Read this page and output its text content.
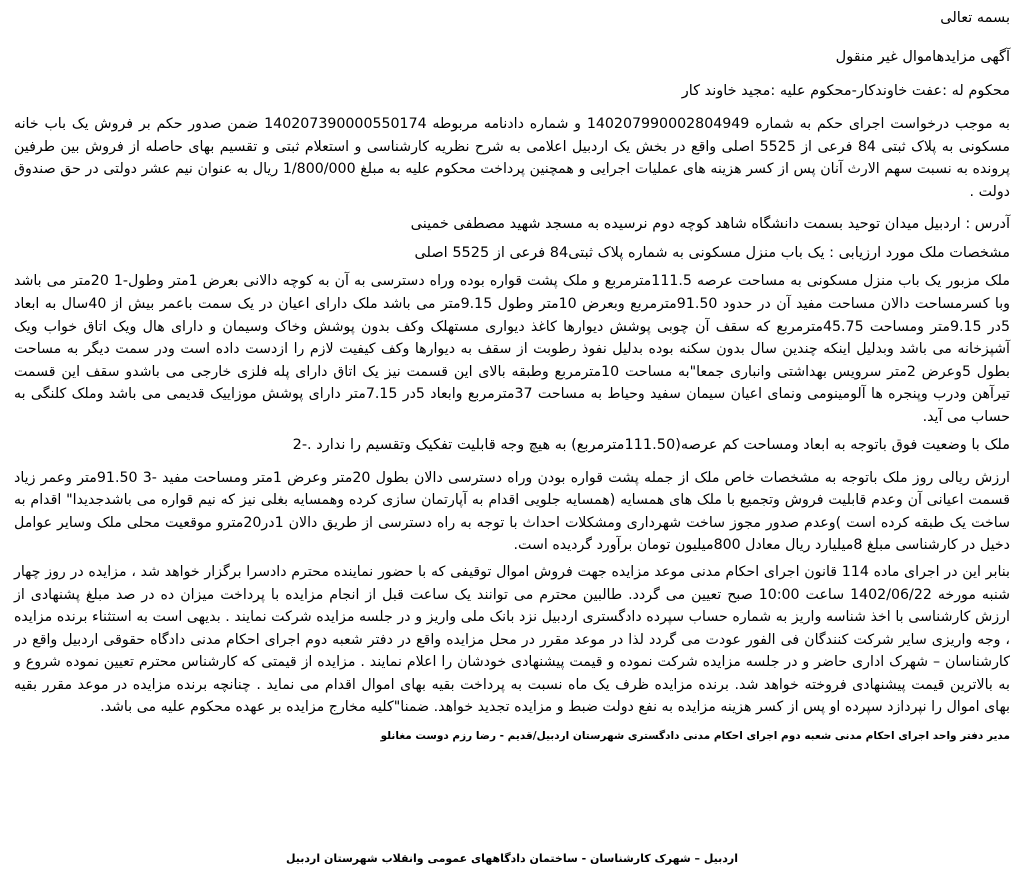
بسمه تعالی
آگهی مزایدهاموال غیر منقول
محکوم له :عفت خاوندکار-محکوم علیه :مجید خاوند کار
به موجب درخواست اجرای حکم به شماره 140207990002804949 و شماره دادنامه مربوطه 140207390000550174 ضمن صدور حکم بر فروش یک باب خانه مسکونی به پلاک ثبتی 84 فرعی از 5525 اصلی واقع در بخش یک اردبیل اعلامی به شرح نظریه کارشناسی و استعلام ثبتی و تقسیم بهای حاصله از فروش بین طرفین پرونده به نسبت سهم الارث آنان پس از کسر هزینه های عملیات اجرایی و همچنین پرداخت محکوم علیه به مبلغ 1/800/000 ریال به عنوان نیم عشر دولتی در حق صندوق دولت .
آدرس : اردبیل میدان توحید بسمت دانشگاه شاهد کوچه دوم نرسیده به مسجد شهید مصطفی خمینی
مشخصات ملک مورد ارزیابی : یک باب منزل مسکونی به شماره پلاک ثبتی84 فرعی از 5525 اصلی
ملک مزبور یک باب منزل مسکونی به مساحت عرصه 111.5مترمربع و ملک پشت قواره بوده وراه دسترسی به آن به کوچه دالانی بعرض 1متر وطول-1 20متر می باشد وبا کسرمساحت دالان مساحت مفید آن در حدود 91.50مترمربع وبعرض 10متر وطول 9.15متر می باشد ملک دارای اعیان در یک سمت باعمر بیش از 40سال به ابعاد 5در 9.15متر ومساحت 45.75مترمربع که سقف آن چوبی پوشش دیوارها کاغذ دیواری مستهلک وکف بدون پوشش وخاک وسیمان و دارای هال ویک اتاق خواب ویک آشپزخانه می باشد وبدلیل اینکه چندین سال بدون سکنه بوده بدلیل نفوذ رطوبت از سقف به دیوارها وکف کیفیت لازم را ازدست داده است ودر سمت دیگر به مساحت بطول 5وعرض 2متر سرویس بهداشتی وانباری جمعا"به مساحت 10مترمربع وطبقه بالای این قسمت نیز یک اتاق دارای پله فلزی خارجی می باشدو سقف این قسمت تیرآهن ودرب وپنجره ها آلومینومی ونمای اعیان سیمان سفید وحیاط به مساحت 37مترمربع وابعاد 5در 7.15متر دارای پوشش موزاییک قدیمی می باشد وملک کلنگی به حساب می آید.
ملک با وضعیت فوق باتوجه به ابعاد ومساحت کم عرصه(111.50مترمربع) به هیچ وجه قابلیت تفکیک وتقسیم را ندارد .-2
ارزش ریالی روز ملک باتوجه به مشخصات خاص ملک از جمله پشت قواره بودن وراه دسترسی دالان بطول 20متر وعرض 1متر ومساحت مفید -3 91.50متر وعمر زیاد قسمت اعیانی آن وعدم قابلیت فروش وتجمیع با ملک های همسایه (همسایه جلویی اقدام به آپارتمان سازی کرده وهمسایه بغلی نیز که نیم قواره می باشدجدیدا" اقدام به ساخت یک طبقه کرده است )وعدم صدور مجوز ساخت شهرداری ومشکلات احداث با توجه به راه دسترسی از طریق دالان 1در20مترو موقعیت محلی ملک وسایر عوامل دخیل در کارشناسی مبلغ 8میلیارد ریال معادل 800میلیون تومان برآورد گردیده است.
بنابر این در اجرای ماده 114 قانون اجرای احکام مدنی موعد مزایده جهت فروش اموال توقیفی که با حضور نماینده محترم دادسرا برگزار خواهد شد ، مزایده در روز چهار شنبه مورخه 1402/06/22 ساعت 10:00 صبح تعیین می گردد. طالبین محترم می توانند یک ساعت قبل از انجام مزایده با پرداخت میزان ده در صد مبلغ پشنهادی از ارزش کارشناسی با اخذ شناسه واریز به شماره حساب سپرده دادگستری اردبیل نزد بانک ملی واریز و در جلسه مزایده شرکت نمایند . بدیهی است به استثناء برنده مزایده ، وجه واریزی سایر شرکت کنندگان فی الفور عودت می گردد لذا در موعد مقرر در محل مزایده واقع در دفتر شعبه دوم اجرای احکام مدنی دادگاه حقوقی اردبیل واقع در کارشناسان – شهرک اداری حاضر و در جلسه مزایده شرکت نموده و قیمت پیشنهادی خودشان را اعلام نمایند . مزایده از قیمتی که کارشناس محترم تعیین نموده شروع و به بالاترین قیمت پیشنهادی فروخته خواهد شد. برنده مزایده ظرف یک ماه نسبت به پرداخت بقیه بهای اموال اقدام می نماید . چنانچه برنده مزایده در موعد مقرر بقیه بهای اموال را نپردازد سپرده او پس از کسر هزینه مزایده به نفع دولت ضبط و مزایده تجدید خواهد. ضمنا"کلیه مخارج مزایده بر عهده محکوم علیه می باشد.
مدیر دفتر واحد اجرای احکام مدنی شعبه دوم اجرای احکام مدنی دادگستری شهرستان اردبیل/قدیم - رضا رزم دوست مغانلو
اردبیل – شهرک کارشناسان - ساختمان دادگاههای عمومی وانقلاب شهرستان اردبیل
